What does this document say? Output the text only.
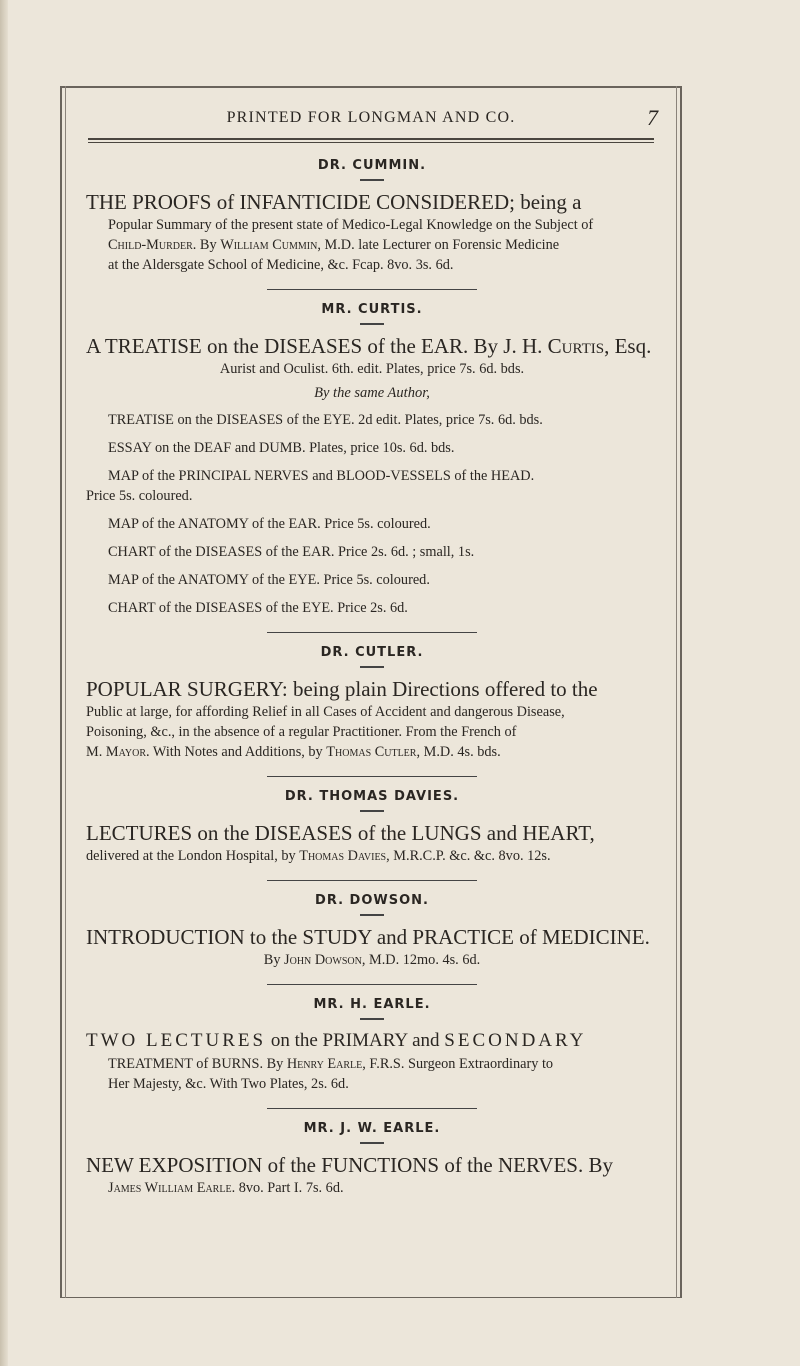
PRINTED FOR LONGMAN AND CO.	7
DR. CUMMIN.
THE PROOFS of INFANTICIDE CONSIDERED; being a
Popular Summary of the present state of Medico-Legal Knowledge on the Subject of
Child-Murder. By William Cummin, M.D. late Lecturer on Forensic Medicine
at the Aldersgate School of Medicine, &c. Fcap. 8vo. 3s. 6d.
MR. CURTIS.
A TREATISE on the DISEASES of the EAR. By J. H. Curtis, Esq.
Aurist and Oculist. 6th. edit. Plates, price 7s. 6d. bds.
By the same Author,
TREATISE on the DISEASES of the EYE. 2d edit. Plates, price 7s. 6d. bds.
ESSAY on the DEAF and DUMB. Plates, price 10s. 6d. bds.
MAP of the PRINCIPAL NERVES and BLOOD-VESSELS of the HEAD.
Price 5s. coloured.
MAP of the ANATOMY of the EAR. Price 5s. coloured.
CHART of the DISEASES of the EAR. Price 2s. 6d. ; small, 1s.
MAP of the ANATOMY of the EYE. Price 5s. coloured.
CHART of the DISEASES of the EYE. Price 2s. 6d.
DR. CUTLER.
POPULAR SURGERY: being plain Directions offered to the
Public at large, for affording Relief in all Cases of Accident and dangerous Disease,
Poisoning, &c., in the absence of a regular Practitioner. From the French of
M. Mayor. With Notes and Additions, by Thomas Cutler, M.D. 4s. bds.
DR. THOMAS DAVIES.
LECTURES on the DISEASES of the LUNGS and HEART,
delivered at the London Hospital, by Thomas Davies, M.R.C.P. &c. &c. 8vo. 12s.
DR. DOWSON.
INTRODUCTION to the STUDY and PRACTICE of MEDICINE.
By John Dowson, M.D. 12mo. 4s. 6d.
MR. H. EARLE.
TWO LECTURES on the PRIMARY and SECONDARY
TREATMENT of BURNS. By Henry Earle, F.R.S. Surgeon Extraordinary to
Her Majesty, &c. With Two Plates, 2s. 6d.
MR. J. W. EARLE.
NEW EXPOSITION of the FUNCTIONS of the NERVES. By
James William Earle. 8vo. Part I. 7s. 6d.
